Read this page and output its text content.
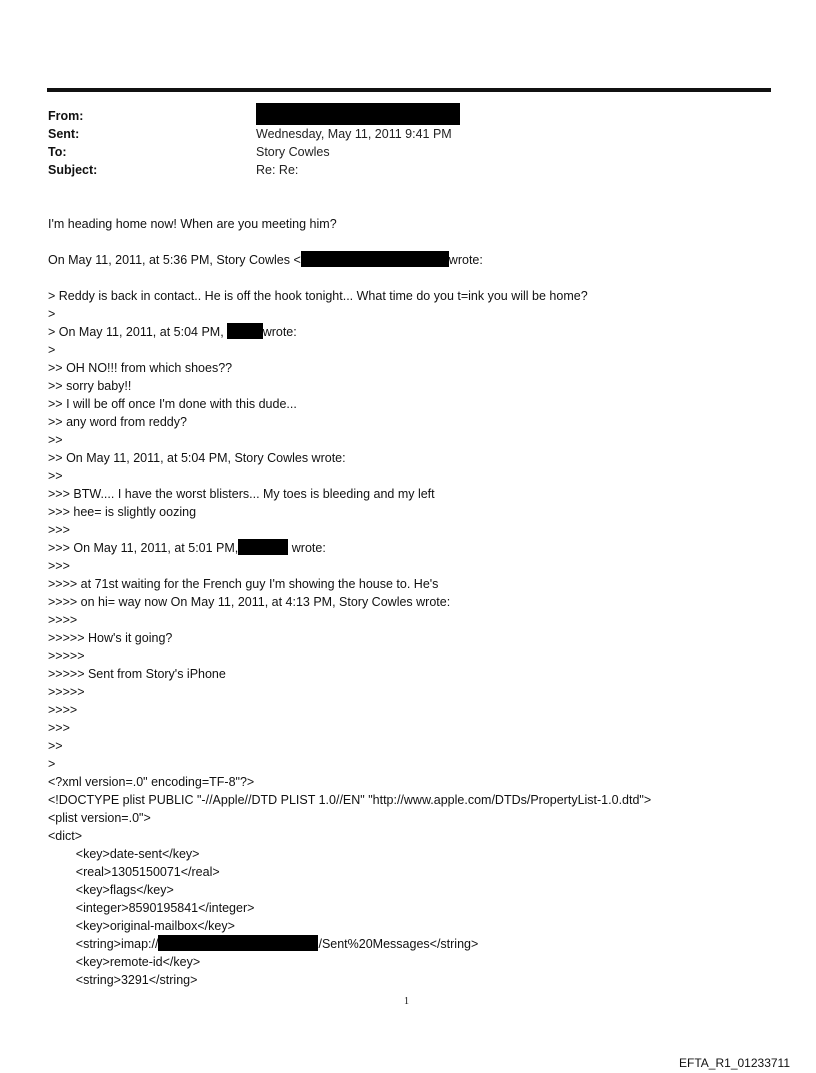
From:
Sent:	Wednesday, May 11, 2011 9:41 PM
To:	Story Cowles
Subject:	Re: Re:
I'm heading home now! When are you meeting him?
On May 11, 2011, at 5:36 PM, Story Cowles <	wrote:
> Reddy is back in contact.. He is off the hook tonight... What time do you t=ink you will be home?
>
> On May 11, 2011, at 5:04 PM,	wrote:
>
>> OH NO!!! from which shoes??
>> sorry baby!!
>> I will be off once I'm done with this dude...
>> any word from reddy?
>>
>> On May 11, 2011, at 5:04 PM, Story Cowles wrote:
>>
>>> BTW.... I have the worst blisters... My toes is bleeding and my left
>>> hee= is slightly oozing
>>>
>>> On May 11, 2011, at 5:01 PM,	wrote:
>>>
>>>> at 71st waiting for the French guy I'm showing the house to. He's
>>>> on hi= way now On May 11, 2011, at 4:13 PM, Story Cowles wrote:
>>>>
>>>>> How's it going?
>>>>>
>>>>> Sent from Story's iPhone
>>>>>
>>>>
>>>
>>
>
<?xml version=.0" encoding=TF-8"?>
<!DOCTYPE plist PUBLIC "-//Apple//DTD PLIST 1.0//EN" "http://www.apple.com/DTDs/PropertyList-1.0.dtd">
<plist version=.0">
<dict>
<key>date-sent</key>
<real>1305150071</real>
<key>flags</key>
<integer>8590195841</integer>
<key>original-mailbox</key>
<string>imap://	/Sent%20Messages</string>
<key>remote-id</key>
<string>3291</string>
1
EFTA_R1_01233711
